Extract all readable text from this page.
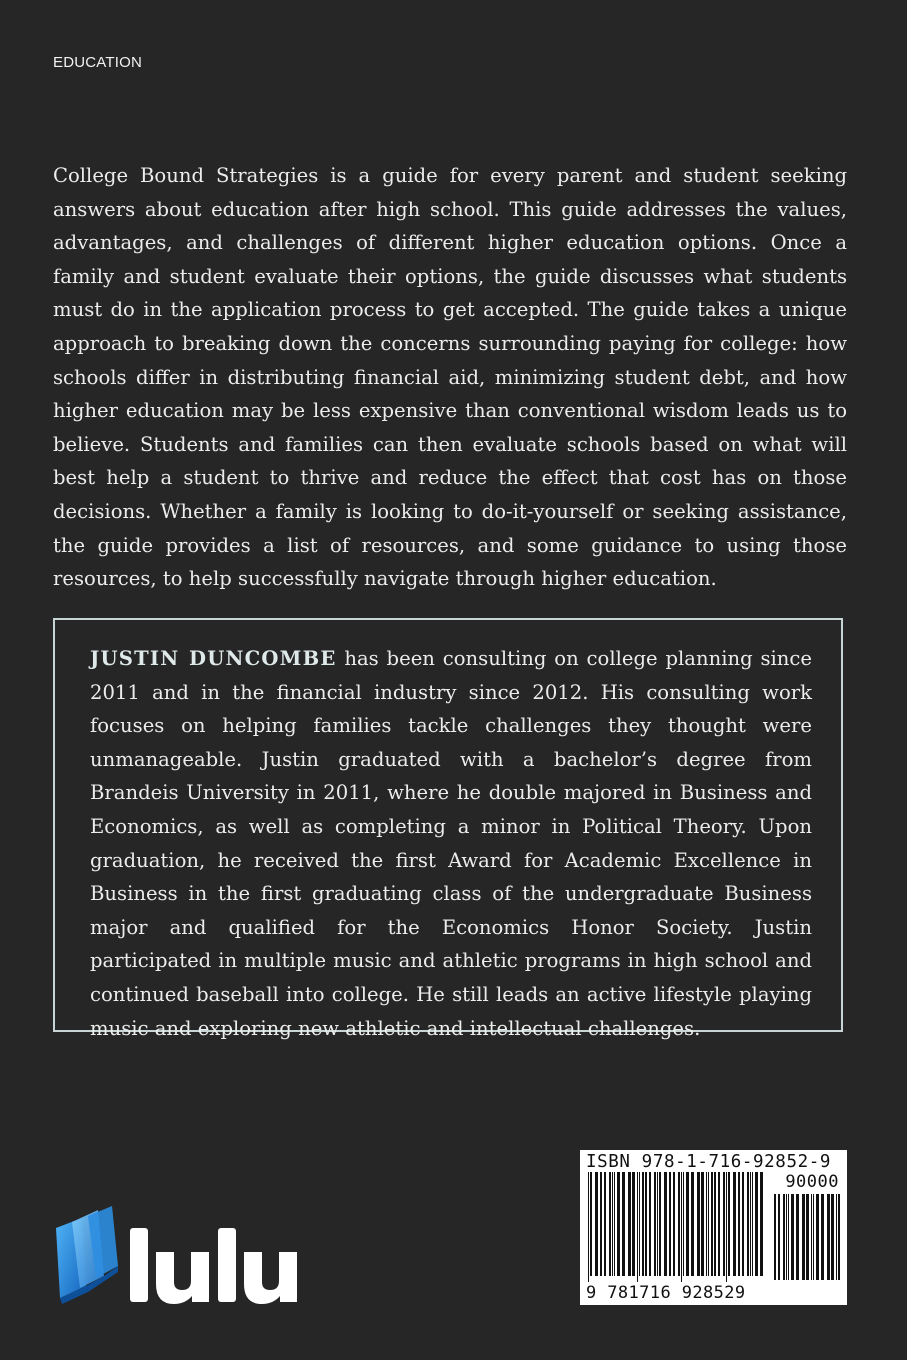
EDUCATION

College Bound Strategies is a guide for every parent and student seeking answers about education after high school. This guide addresses the values, advantages, and challenges of different higher education options. Once a family and student evaluate their options, the guide discusses what students must do in the application process to get accepted. The guide takes a unique approach to breaking down the concerns surrounding paying for college: how schools differ in distributing financial aid, minimizing student debt, and how higher education may be less expensive than conventional wisdom leads us to believe. Students and families can then evaluate schools based on what will best help a student to thrive and reduce the effect that cost has on those decisions. Whether a family is looking to do-it-yourself or seeking assistance, the guide provides a list of resources, and some guidance to using those resources, to help successfully navigate through higher education.

JUSTIN DUNCOMBE has been consulting on college planning since 2011 and in the financial industry since 2012. His consulting work focuses on helping families tackle challenges they thought were unmanageable. Justin graduated with a bachelor’s degree from Brandeis University in 2011, where he double majored in Business and Economics, as well as completing a minor in Political Theory. Upon graduation, he received the first Award for Academic Excellence in Business in the first graduating class of the undergraduate Business major and qualified for the Economics Honor Society. Justin participated in multiple music and athletic programs in high school and continued baseball into college. He still leads an active lifestyle playing music and exploring new athletic and intellectual challenges.

ISBN 978-1-716-92852-9
90000
9 781716 928529
